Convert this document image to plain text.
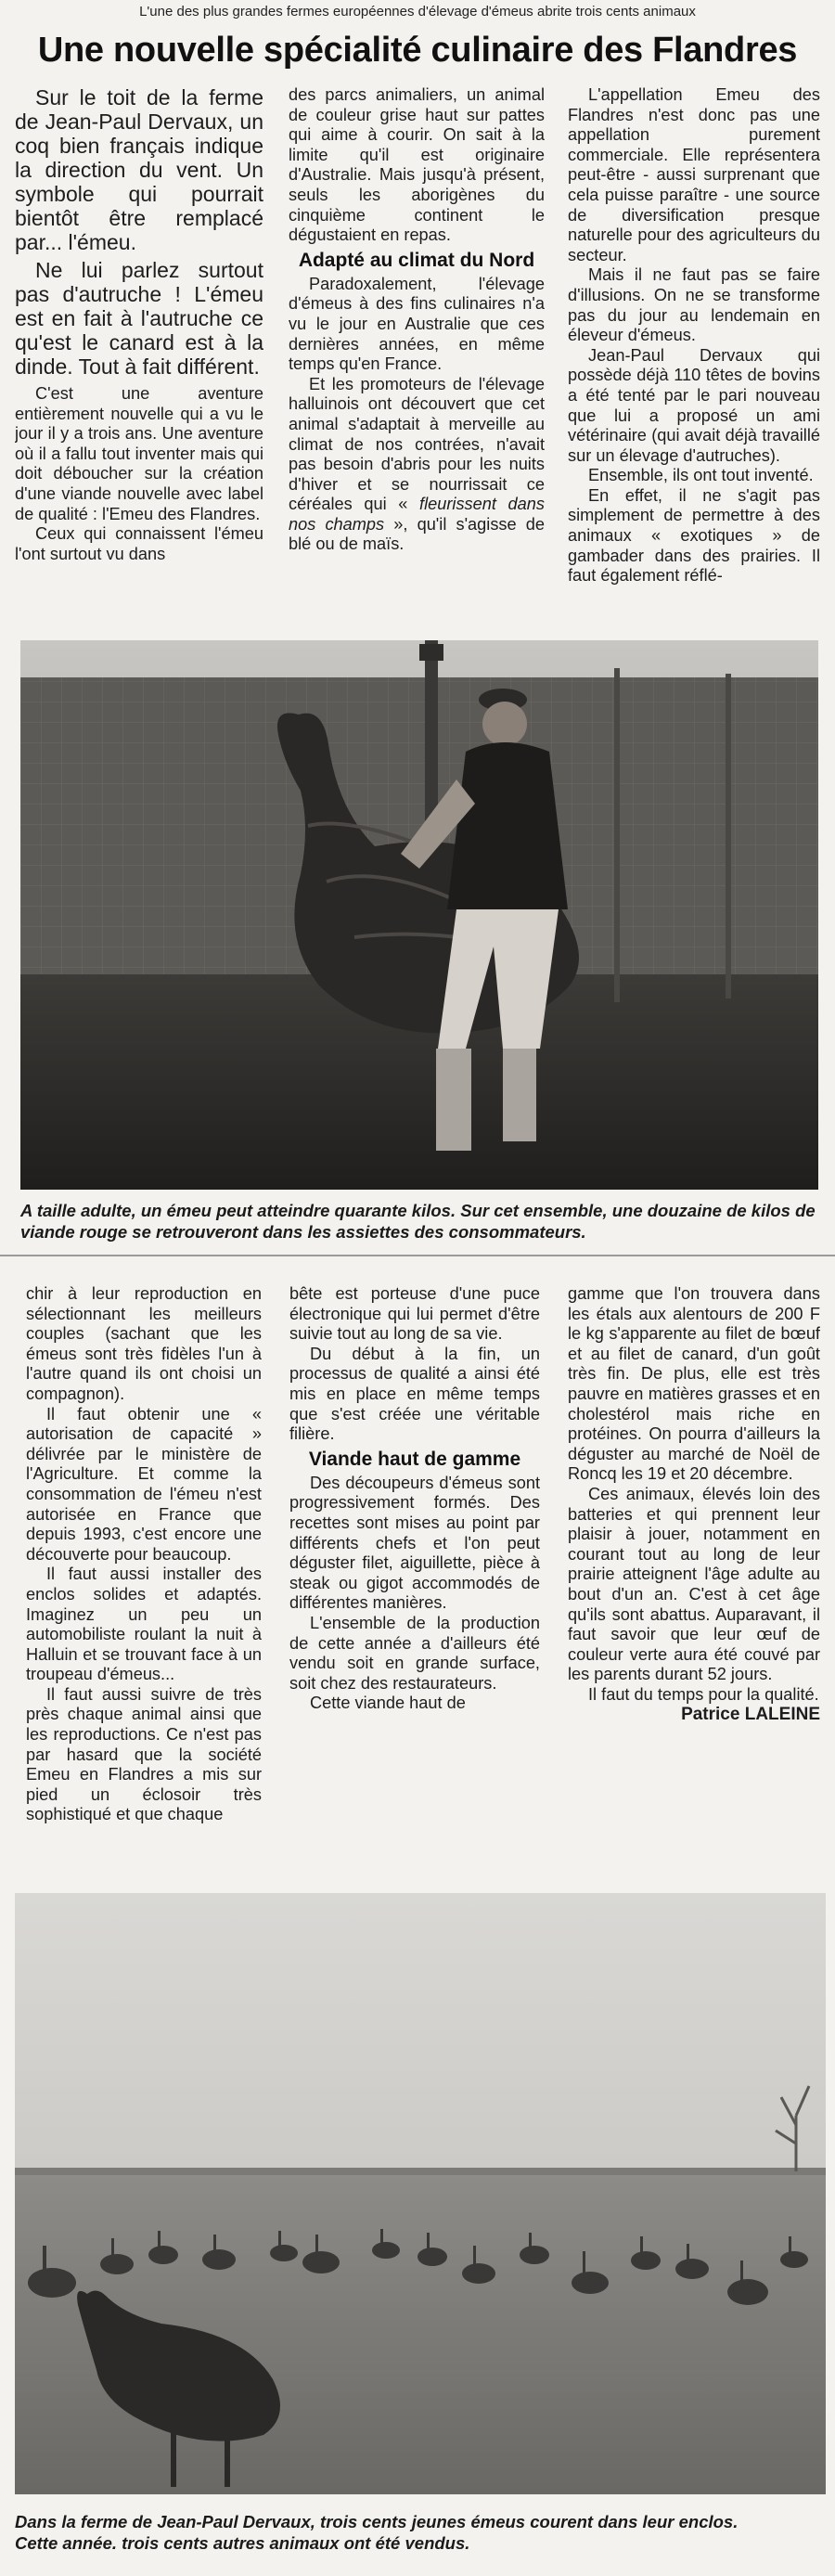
L'une des plus grandes fermes européennes d'élevage d'émeus abrite trois cents animaux
Une nouvelle spécialité culinaire des Flandres

Sur le toit de la ferme de Jean-Paul Dervaux, un coq bien français indique la direction du vent. Un symbole qui pourrait bientôt être remplacé par... l'émeu.

Ne lui parlez surtout pas d'autruche ! L'émeu est en fait à l'autruche ce qu'est le canard est à la dinde. Tout à fait différent.

C'est une aventure entièrement nouvelle qui a vu le jour il y a trois ans. Une aventure où il a fallu tout inventer mais qui doit déboucher sur la création d'une viande nouvelle avec label de qualité : l'Emeu des Flandres.

Ceux qui connaissent l'émeu l'ont surtout vu dans

des parcs animaliers, un animal de couleur grise haut sur pattes qui aime à courir. On sait à la limite qu'il est originaire d'Australie. Mais jusqu'à présent, seuls les aborigènes du cinquième continent le dégustaient en repas.

Adapté au climat du Nord

Paradoxalement, l'élevage d'émeus à des fins culinaires n'a vu le jour en Australie que ces dernières années, en même temps qu'en France.

Et les promoteurs de l'élevage halluinois ont découvert que cet animal s'adaptait à merveille au climat de nos contrées, n'avait pas besoin d'abris pour les nuits d'hiver et se nourrissait ce céréales qui « fleurissent dans nos champs », qu'il s'agisse de blé ou de maïs.

L'appellation Emeu des Flandres n'est donc pas une appellation purement commerciale. Elle représentera peut-être - aussi surprenant que cela puisse paraître - une source de diversification presque naturelle pour des agriculteurs du secteur.

Mais il ne faut pas se faire d'illusions. On ne se transforme pas du jour au lendemain en éleveur d'émeus.

Jean-Paul Dervaux qui possède déjà 110 têtes de bovins a été tenté par le pari nouveau que lui a proposé un ami vétérinaire (qui avait déjà travaillé sur un élevage d'autruches).

Ensemble, ils ont tout inventé.

En effet, il ne s'agit pas simplement de permettre à des animaux « exotiques » de gambader dans des prairies. Il faut également réflé-

A taille adulte, un émeu peut atteindre quarante kilos. Sur cet ensemble, une douzaine de kilos de viande rouge se retrouveront dans les assiettes des consommateurs.

chir à leur reproduction en sélectionnant les meilleurs couples (sachant que les émeus sont très fidèles l'un à l'autre quand ils ont choisi un compagnon).

Il faut obtenir une « autorisation de capacité » délivrée par le ministère de l'Agriculture. Et comme la consommation de l'émeu n'est autorisée en France que depuis 1993, c'est encore une découverte pour beaucoup.

Il faut aussi installer des enclos solides et adaptés. Imaginez un peu un automobiliste roulant la nuit à Halluin et se trouvant face à un troupeau d'émeus...

Il faut aussi suivre de très près chaque animal ainsi que les reproductions. Ce n'est pas par hasard que la société Emeu en Flandres a mis sur pied un éclosoir très sophistiqué et que chaque

bête est porteuse d'une puce électronique qui lui permet d'être suivie tout au long de sa vie.

Du début à la fin, un processus de qualité a ainsi été mis en place en même temps que s'est créée une véritable filière.

Viande haut de gamme

Des découpeurs d'émeus sont progressivement formés. Des recettes sont mises au point par différents chefs et l'on peut déguster filet, aiguillette, pièce à steak ou gigot accommodés de différentes manières.

L'ensemble de la production de cette année a d'ailleurs été vendu soit en grande surface, soit chez des restaurateurs.

Cette viande haut de

gamme que l'on trouvera dans les étals aux alentours de 200 F le kg s'apparente au filet de bœuf et au filet de canard, d'un goût très fin. De plus, elle est très pauvre en matières grasses et en cholestérol mais riche en protéines. On pourra d'ailleurs la déguster au marché de Noël de Roncq les 19 et 20 décembre.

Ces animaux, élevés loin des batteries et qui prennent leur plaisir à jouer, notamment en courant tout au long de leur prairie atteignent l'âge adulte au bout d'un an. C'est à cet âge qu'ils sont abattus. Auparavant, il faut savoir que leur œuf de couleur verte aura été couvé par les parents durant 52 jours.

Il faut du temps pour la qualité.

Patrice LALEINE

Dans la ferme de Jean-Paul Dervaux, trois cents jeunes émeus courent dans leur enclos.
Cette année. trois cents autres animaux ont été vendus.
